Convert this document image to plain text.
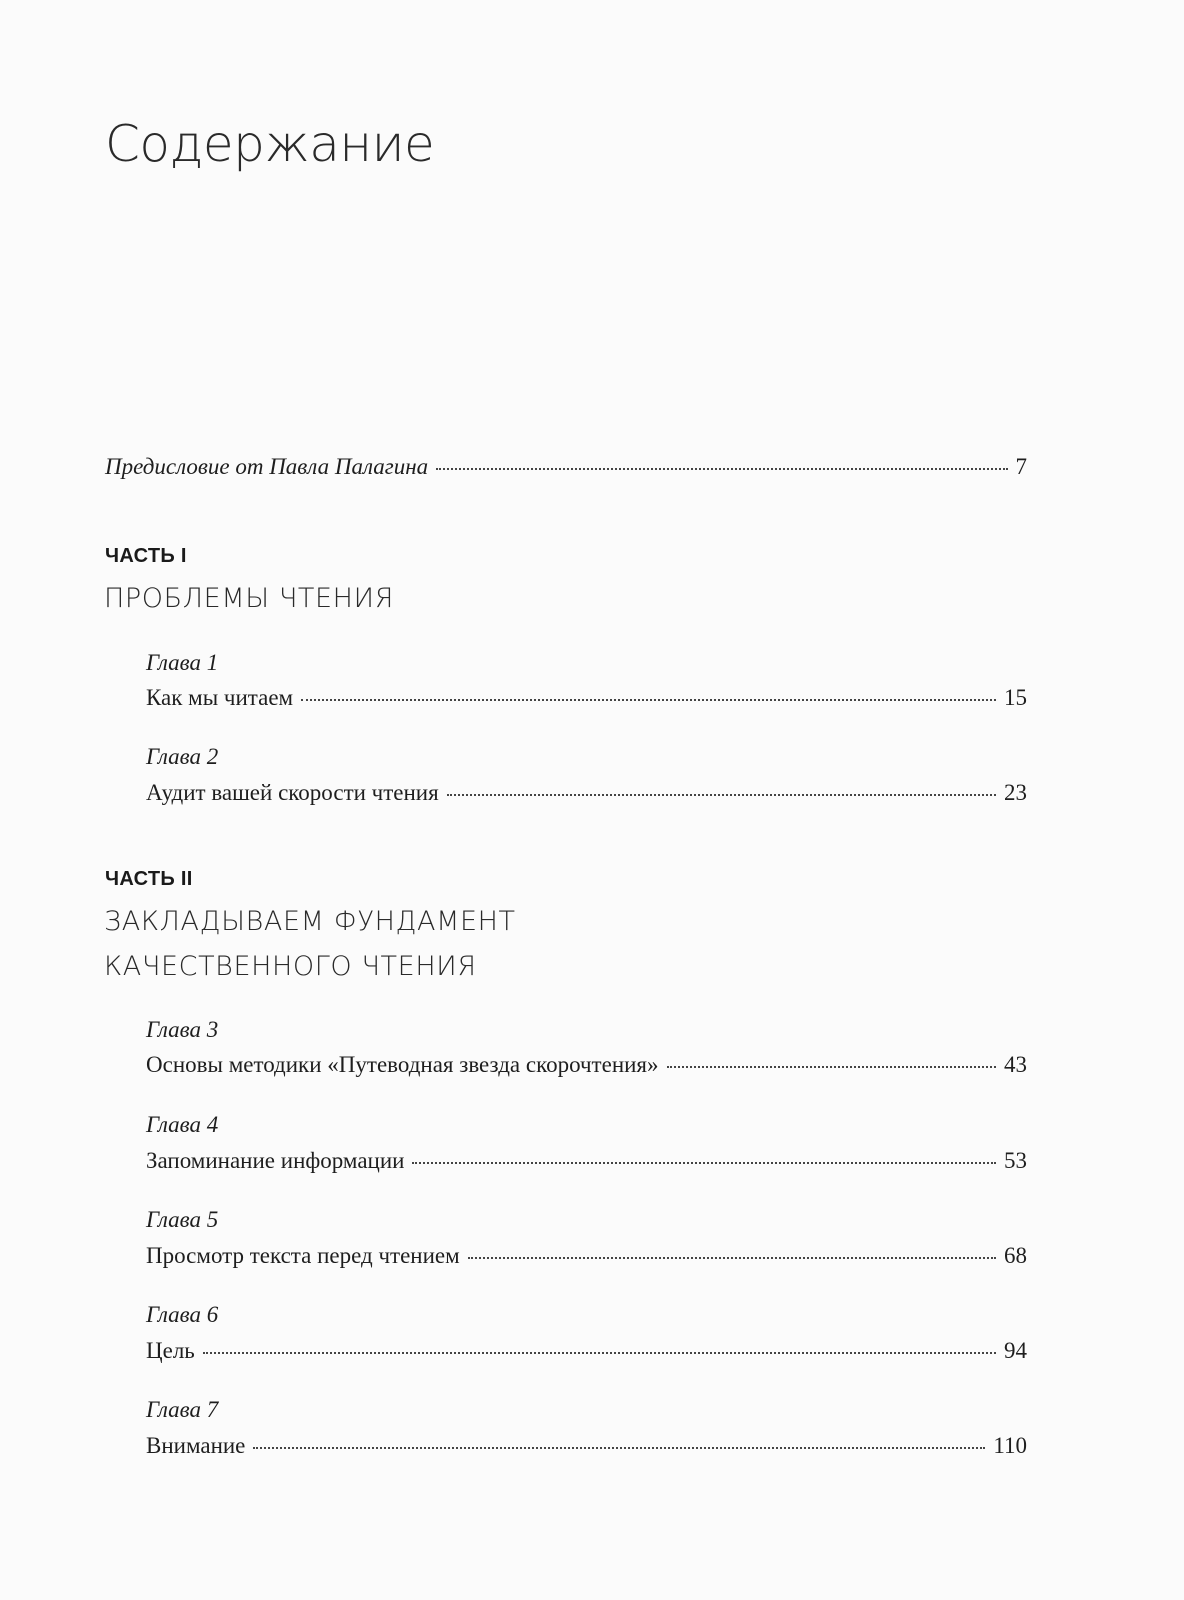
Содержание
Предисловие от Павла Палагина	7
ЧАСТЬ I
ПРОБЛЕМЫ ЧТЕНИЯ
Глава 1
Как мы читаем	15
Глава 2
Аудит вашей скорости чтения	23
ЧАСТЬ II
ЗАКЛАДЫВАЕМ ФУНДАМЕНТ
КАЧЕСТВЕННОГО ЧТЕНИЯ
Глава 3
Основы методики «Путеводная звезда скорочтения»	43
Глава 4
Запоминание информации	53
Глава 5
Просмотр текста перед чтением	68
Глава 6
Цель	94
Глава 7
Внимание	110
